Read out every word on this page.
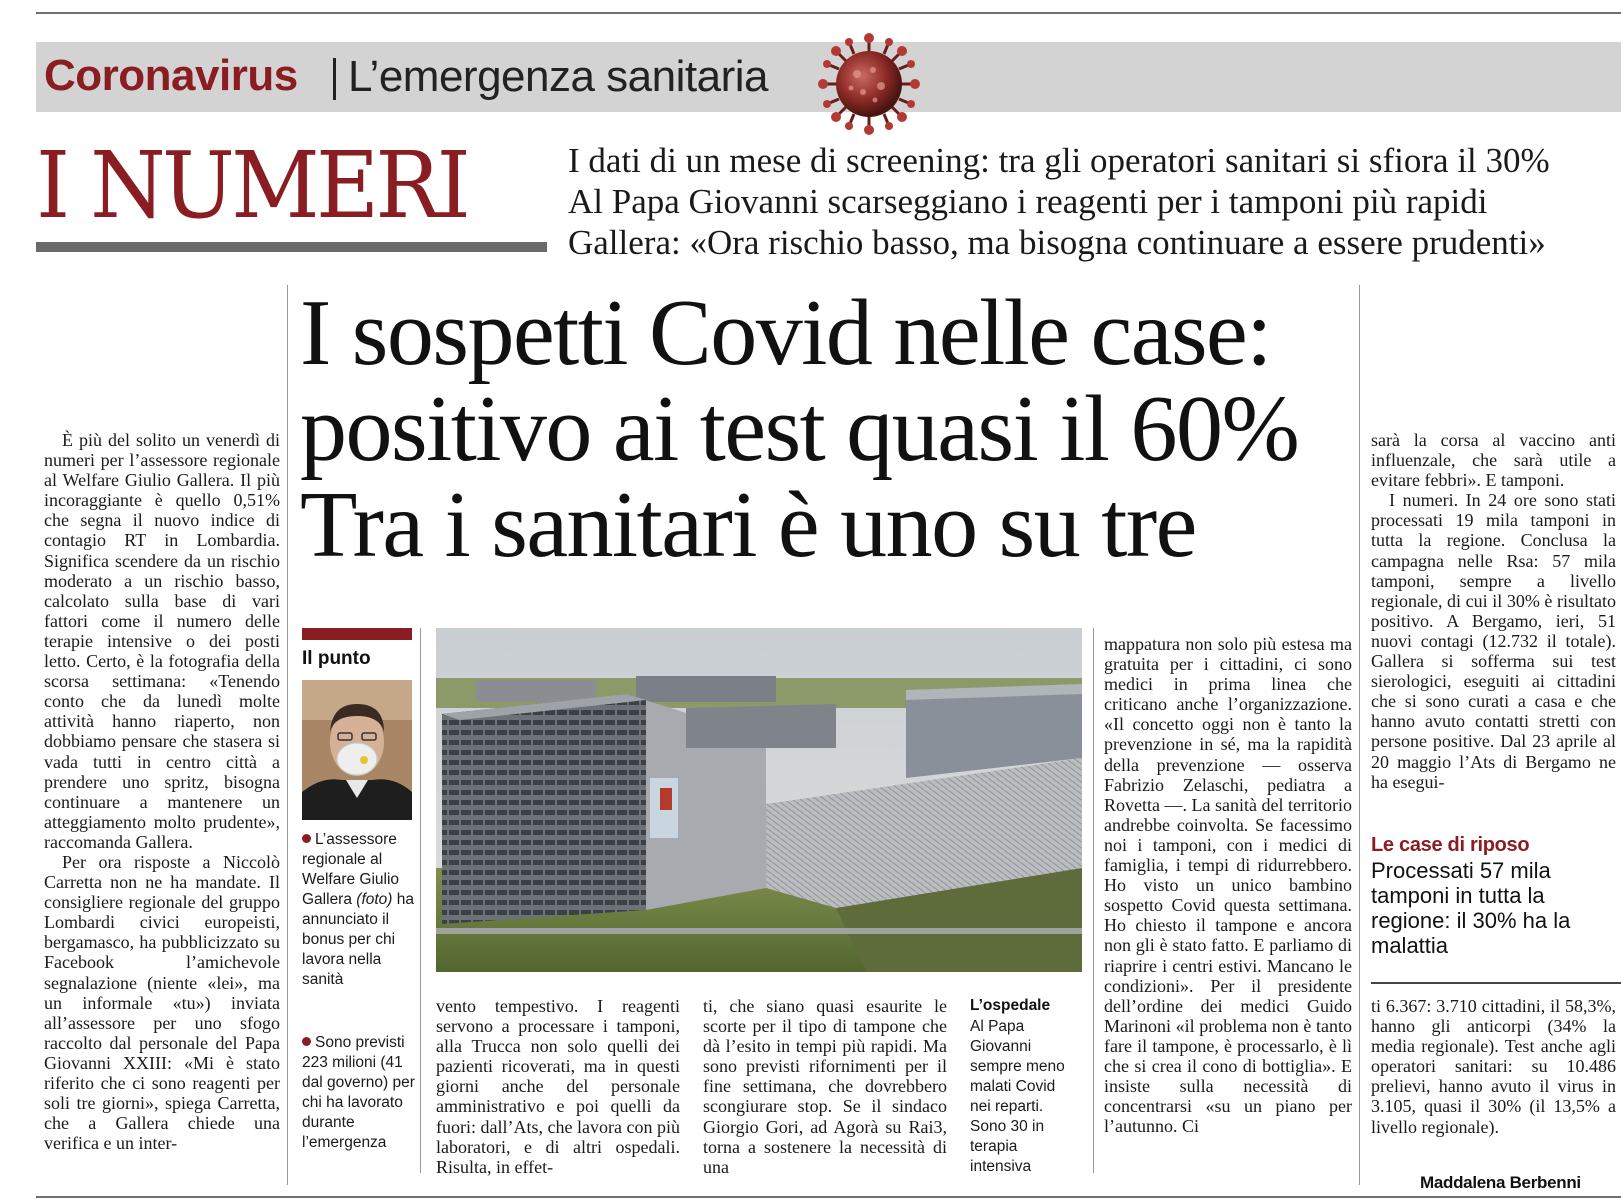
Coronavirus L’emergenza sanitaria
I NUMERI	I dati di un mese di screening: tra gli operatori sanitari si sfiora il 30%
Al Papa Giovanni scarseggiano i reagenti per i tamponi più rapidi
Gallera: «Ora rischio basso, ma bisogna continuare a essere prudenti»
I sospetti Covid nelle case:
positivo ai test quasi il 60%
Tra i sanitari è uno su tre

È più del solito un venerdì di numeri per l’assessore regionale al Welfare Giulio Gallera. Il più incoraggiante è quello 0,51% che segna il nuovo indice di contagio RT in Lombardia. Significa scendere da un rischio moderato a un rischio basso, calcolato sulla base di vari fattori come il numero delle terapie intensive o dei posti letto. Certo, è la fotografia della scorsa settimana: «Tenendo conto che da lunedì molte attività hanno riaperto, non dobbiamo pensare che stasera si vada tutti in centro città a prendere uno spritz, bisogna continuare a mantenere un atteggiamento molto prudente», raccomanda Gallera.

Per ora risposte a Niccolò Carretta non ne ha mandate. Il consigliere regionale del gruppo Lombardi civici europeisti, bergamasco, ha pubblicizzato su Facebook l’amichevole segnalazione (niente «lei», ma un informale «tu») inviata all’assessore per uno sfogo raccolto dal personale del Papa Giovanni XXIII: «Mi è stato riferito che ci sono reagenti per soli tre giorni», spiega Carretta, che a Gallera chiede una verifica e un inter-

Il punto
L’assessore regionale al Welfare Giulio Gallera (foto) ha annunciato il bonus per chi lavora nella sanità
Sono previsti 223 milioni (41 dal governo) per chi ha lavorato durante l’emergenza

vento tempestivo. I reagenti servono a processare i tamponi, alla Trucca non solo quelli dei pazienti ricoverati, ma in questi giorni anche del personale amministrativo e poi quelli da fuori: dall’Ats, che lavora con più laboratori, e di altri ospedali. Risulta, in effet-

ti, che siano quasi esaurite le scorte per il tipo di tampone che dà l’esito in tempi più rapidi. Ma sono previsti rifornimenti per il fine settimana, che dovrebbero scongiurare stop. Se il sindaco Giorgio Gori, ad Agorà su Rai3, torna a sostenere la necessità di una

L’ospedale
Al Papa Giovanni sempre meno malati Covid nei reparti. Sono 30 in terapia intensiva

mappatura non solo più estesa ma gratuita per i cittadini, ci sono medici in prima linea che criticano anche l’organizzazione. «Il concetto oggi non è tanto la prevenzione in sé, ma la rapidità della prevenzione — osserva Fabrizio Zelaschi, pediatra a Rovetta —. La sanità del territorio andrebbe coinvolta. Se facessimo noi i tamponi, con i medici di famiglia, i tempi di ridurrebbero. Ho visto un unico bambino sospetto Covid questa settimana. Ho chiesto il tampone e ancora non gli è stato fatto. E parliamo di riaprire i centri estivi. Mancano le condizioni». Per il presidente dell’ordine dei medici Guido Marinoni «il problema non è tanto fare il tampone, è processarlo, è lì che si crea il cono di bottiglia». E insiste sulla necessità di concentrarsi «su un piano per l’autunno. Ci

sarà la corsa al vaccino anti influenzale, che sarà utile a evitare febbri». E tamponi.

I numeri. In 24 ore sono stati processati 19 mila tamponi in tutta la regione. Conclusa la campagna nelle Rsa: 57 mila tamponi, sempre a livello regionale, di cui il 30% è risultato positivo. A Bergamo, ieri, 51 nuovi contagi (12.732 il totale). Gallera si sofferma sui test sierologici, eseguiti ai cittadini che si sono curati a casa e che hanno avuto contatti stretti con persone positive. Dal 23 aprile al 20 maggio l’Ats di Bergamo ne ha esegui-

Le case di riposo
Processati 57 mila tamponi in tutta la regione: il 30% ha la malattia

ti 6.367: 3.710 cittadini, il 58,3%, hanno gli anticorpi (34% la media regionale). Test anche agli operatori sanitari: su 10.486 prelievi, hanno avuto il virus in 3.105, quasi il 30% (il 13,5% a livello regionale).

Maddalena Berbenni
